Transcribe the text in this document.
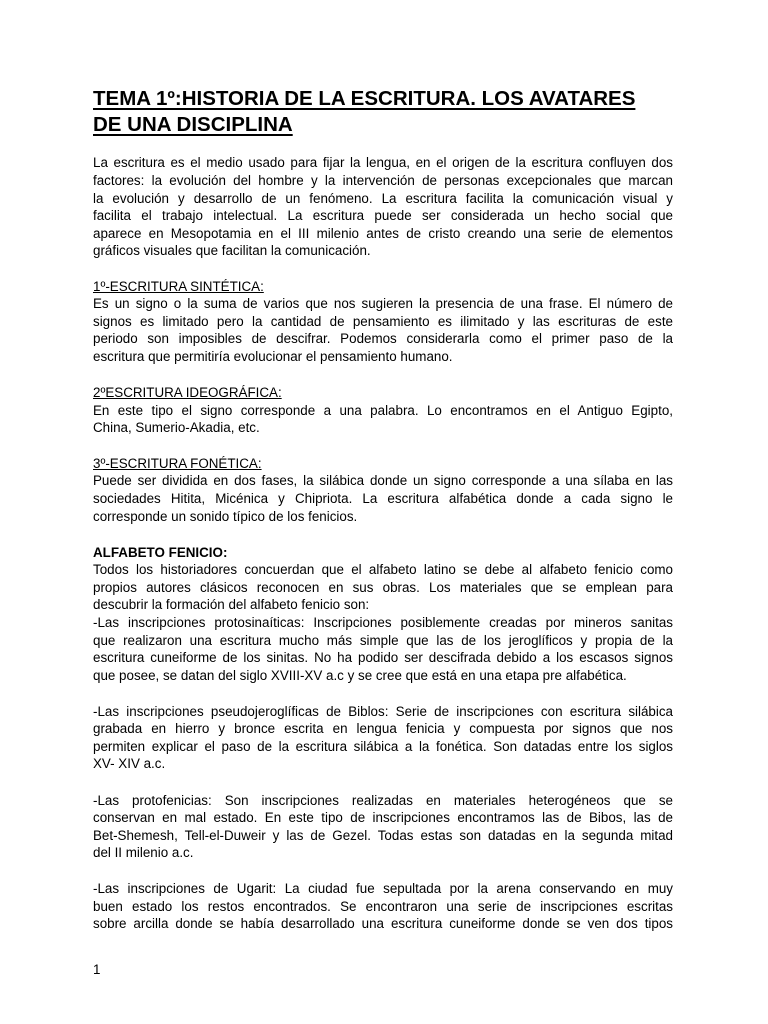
TEMA 1º:HISTORIA DE LA ESCRITURA. LOS AVATARES
DE UNA DISCIPLINA

La escritura es el medio usado para fijar la lengua, en el origen de la escritura confluyen dos

factores: la evolución del hombre y la intervención de personas excepcionales que marcan

la evolución y desarrollo de un fenómeno. La escritura facilita la comunicación visual y

facilita el trabajo intelectual. La escritura puede ser considerada un hecho social que

aparece en Mesopotamia en el III milenio antes de cristo creando una serie de elementos

gráficos visuales que facilitan la comunicación.

1º-ESCRITURA SINTÉTICA:

Es un signo o la suma de varios que nos sugieren la presencia de una frase. El número de

signos es limitado pero la cantidad de pensamiento es ilimitado y las escrituras de este

periodo son imposibles de descifrar. Podemos considerarla como el primer paso de la

escritura que permitiría evolucionar el pensamiento humano.

2ºESCRITURA IDEOGRÁFICA:

En este tipo el signo corresponde a una palabra. Lo encontramos en el Antiguo Egipto,

China, Sumerio-Akadia, etc.

3º-ESCRITURA FONÉTICA:

Puede ser dividida en dos fases, la silábica donde un signo corresponde a una sílaba en las

sociedades Hitita, Micénica y Chipriota. La escritura alfabética donde a cada signo le

corresponde un sonido típico de los fenicios.

ALFABETO FENICIO:

Todos los historiadores concuerdan que el alfabeto latino se debe al alfabeto fenicio como

propios autores clásicos reconocen en sus obras. Los materiales que se emplean para

descubrir la formación del alfabeto fenicio son:

-Las inscripciones protosinaíticas: Inscripciones posiblemente creadas por mineros sanitas

que realizaron una escritura mucho más simple que las de los jeroglíficos y propia de la

escritura cuneiforme de los sinitas. No ha podido ser descifrada debido a los escasos signos

que posee, se datan del siglo XVIII-XV a.c y se cree que está en una etapa pre alfabética.

-Las inscripciones pseudojeroglíficas de Biblos: Serie de inscripciones con escritura silábica

grabada en hierro y bronce escrita en lengua fenicia y compuesta por signos que nos

permiten explicar el paso de la escritura silábica a la fonética. Son datadas entre los siglos

XV- XIV a.c.

-Las protofenicias: Son inscripciones realizadas en materiales heterogéneos que se

conservan en mal estado. En este tipo de inscripciones encontramos las de Bibos, las de

Bet-Shemesh, Tell-el-Duweir y las de Gezel. Todas estas son datadas en la segunda mitad

del II milenio a.c.

-Las inscripciones de Ugarit: La ciudad fue sepultada por la arena conservando en muy

buen estado los restos encontrados. Se encontraron una serie de inscripciones escritas

sobre arcilla donde se había desarrollado una escritura cuneiforme donde se ven dos tipos

1
